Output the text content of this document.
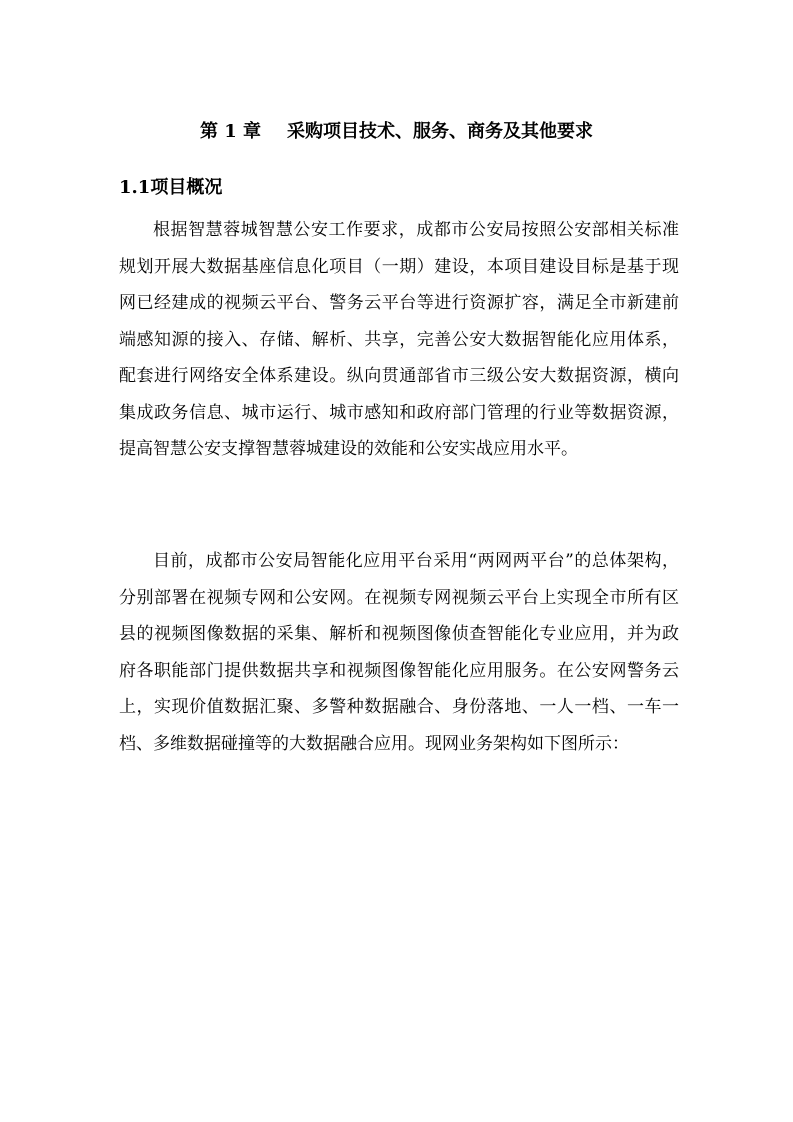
第 1 章 采购项目技术、服务、商务及其他要求
1.1项目概况

根据智慧蓉城智慧公安工作要求，成都市公安局按照公安部相关标准规划开展大数据基座信息化项目（一期）建设，本项目建设目标是基于现网已经建成的视频云平台、警务云平台等进行资源扩容，满足全市新建前端感知源的接入、存储、解析、共享，完善公安大数据智能化应用体系，配套进行网络安全体系建设。纵向贯通部省市三级公安大数据资源，横向集成政务信息、城市运行、城市感知和政府部门管理的行业等数据资源，提高智慧公安支撑智慧蓉城建设的效能和公安实战应用水平。

目前，成都市公安局智能化应用平台采用“两网两平台”的总体架构，分别部署在视频专网和公安网。在视频专网视频云平台上实现全市所有区县的视频图像数据的采集、解析和视频图像侦查智能化专业应用，并为政府各职能部门提供数据共享和视频图像智能化应用服务。在公安网警务云上，实现价值数据汇聚、多警种数据融合、身份落地、一人一档、一车一档、多维数据碰撞等的大数据融合应用。现网业务架构如下图所示：
